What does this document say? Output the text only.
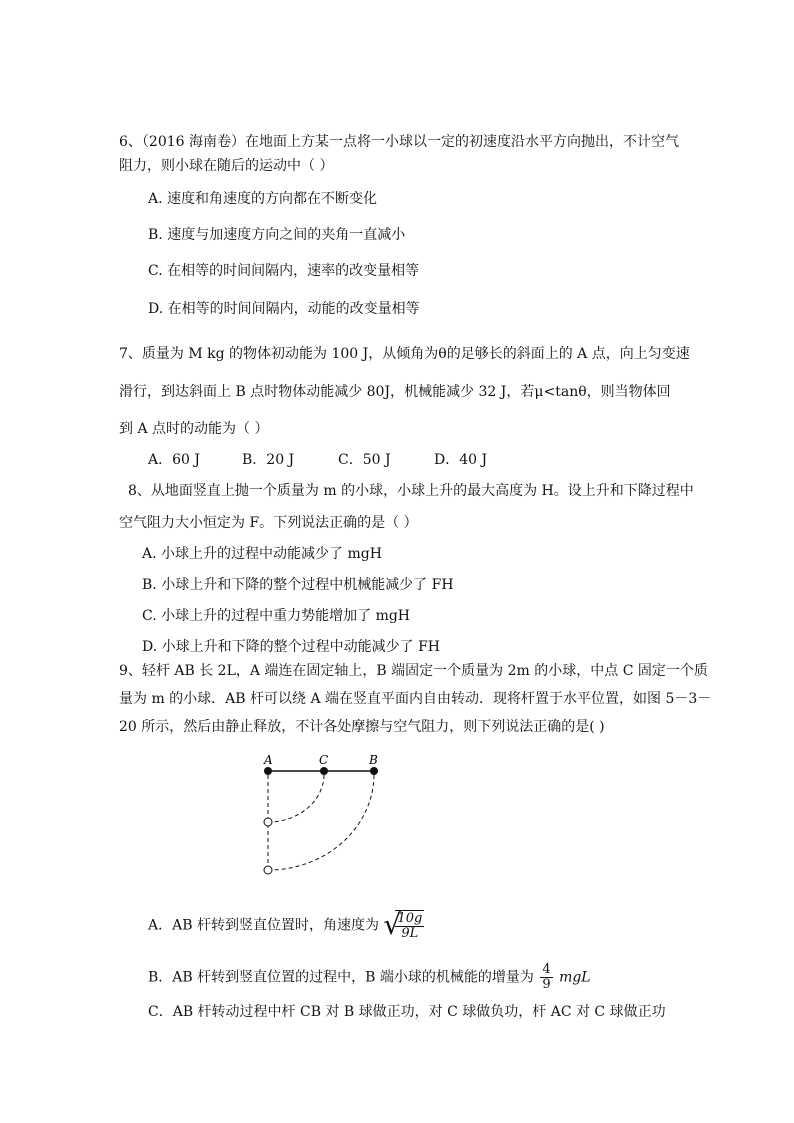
6、（2016 海南卷）在地面上方某一点将一小球以一定的初速度沿水平方向抛出，不计空气
阻力，则小球在随后的运动中（ ）
A. 速度和角速度的方向都在不断变化
B. 速度与加速度方向之间的夹角一直减小
C. 在相等的时间间隔内，速率的改变量相等
D. 在相等的时间间隔内，动能的改变量相等
7、质量为 M kg 的物体初动能为 100 J，从倾角为θ的足够长的斜面上的 A 点，向上匀变速
滑行，到达斜面上 B 点时物体动能减少 80J，机械能减少 32 J，若μ<tanθ，则当物体回
到 A 点时的动能为（ ）
A．60 J	B．20 J	C．50 J	D．40 J
8、从地面竖直上抛一个质量为 m 的小球，小球上升的最大高度为 H。设上升和下降过程中
空气阻力大小恒定为 F。下列说法正确的是（ ）
A. 小球上升的过程中动能减少了 mgH
B. 小球上升和下降的整个过程中机械能减少了 FH
C. 小球上升的过程中重力势能增加了 mgH
D. 小球上升和下降的整个过程中动能减少了 FH
9、轻杆 AB 长 2L，A 端连在固定轴上，B 端固定一个质量为 2m 的小球，中点 C 固定一个质
量为 m 的小球．AB 杆可以绕 A 端在竖直平面内自由转动．现将杆置于水平位置，如图 5－3－
20 所示，然后由静止释放，不计各处摩擦与空气阻力，则下列说法正确的是( )
A	C	B
A．AB 杆转到竖直位置时，角速度为 √
$\frac{10g}{9L}$
B．AB 杆转到竖直位置的过程中，B 端小球的机械能的增量为 $\frac{4}{9}$ mgL
C．AB 杆转动过程中杆 CB 对 B 球做正功，对 C 球做负功，杆 AC 对 C 球做正功
